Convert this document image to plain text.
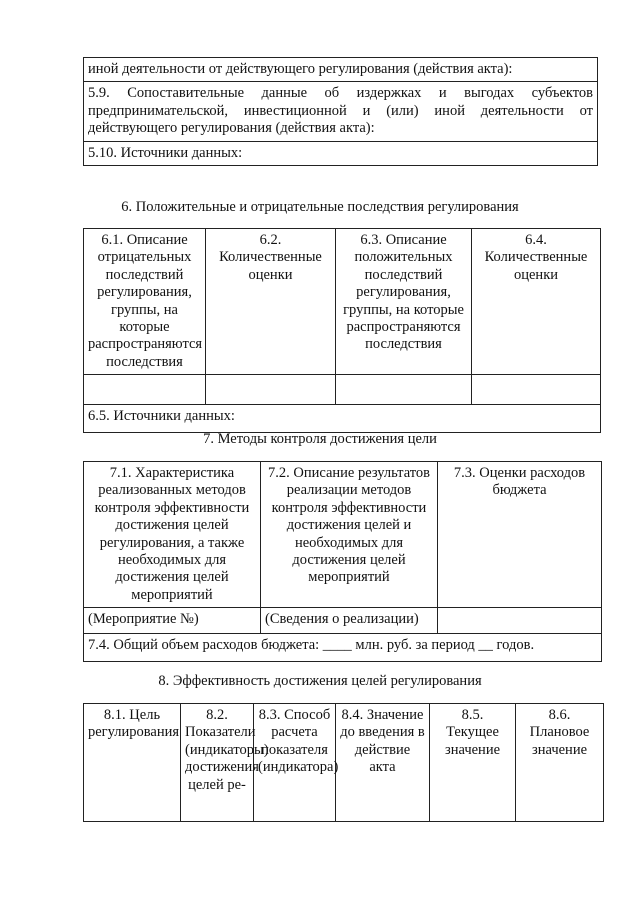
иной деятельности от действующего регулирования (действия акта):
5.9. Сопоставительные данные об издержках и выгодах субъектов предпринимательской, инвестиционной и (или) иной деятельности от действующего регулирования (действия акта):
5.10. Источники данных:
6. Положительные и отрицательные последствия регулирования
6.1. Описание отрицательных последствий регулирования, группы, на которые распространяются последствия	6.2. Количественные оценки	6.3. Описание положительных последствий регулирования, группы, на которые распространяются последствия	6.4. Количественные оценки

6.5. Источники данных:			
7. Методы контроля достижения цели
7.1. Характеристика реализованных методов контроля эффективности достижения целей регулирования, а также необходимых для достижения целей мероприятий	7.2. Описание результатов реализации методов контроля эффективности достижения целей и необходимых для достижения целей мероприятий	7.3. Оценки расходов бюджета
(Мероприятие №)	(Сведения о реализации)	
7.4. Общий объем расходов бюджета: ____ млн. руб. за период __ годов.		
8. Эффективность достижения целей регулирования
8.1. Цель регулирования	8.2. Показатели (индикаторы) достижения целей ре-	8.3. Способ расчета показателя (индикатора)	8.4. Значение до введения в действие акта	8.5. Текущее значение	8.6. Плановое значение
